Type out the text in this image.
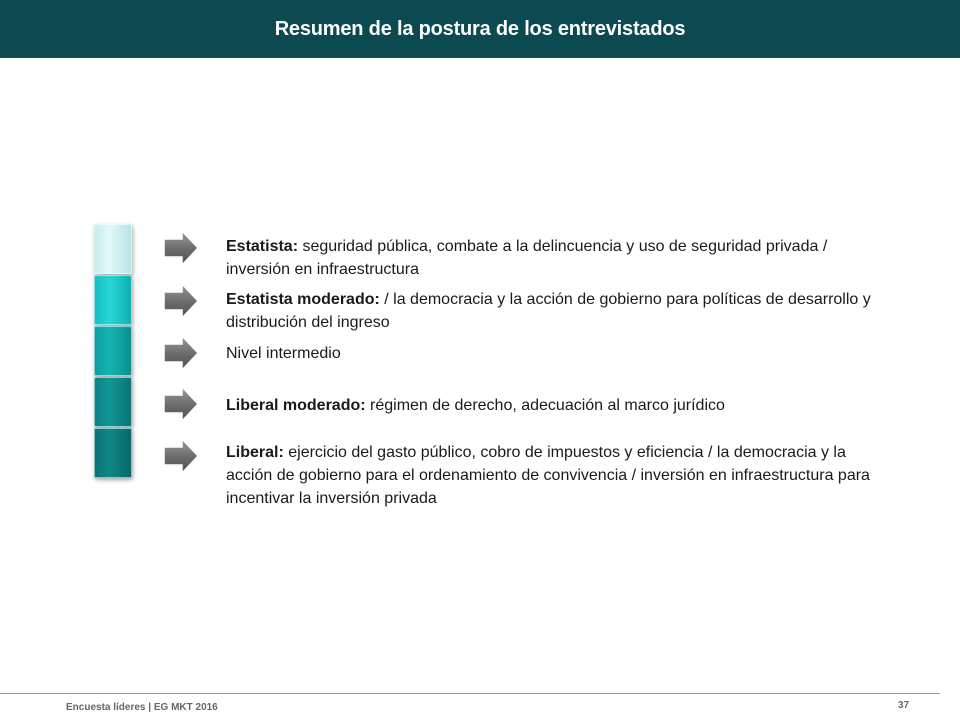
Resumen de la postura de los entrevistados
Estatista: seguridad pública, combate a la delincuencia y uso de seguridad privada / inversión en infraestructura
Estatista moderado: / la democracia y la acción de gobierno para políticas de desarrollo y distribución del ingreso
Nivel intermedio
Liberal moderado: régimen de derecho, adecuación al marco jurídico
Liberal: ejercicio del gasto público, cobro de impuestos y eficiencia / la democracia y la acción de gobierno para el ordenamiento de convivencia / inversión en infraestructura para incentivar la inversión privada
Encuesta líderes | EG MKT 2016	37
